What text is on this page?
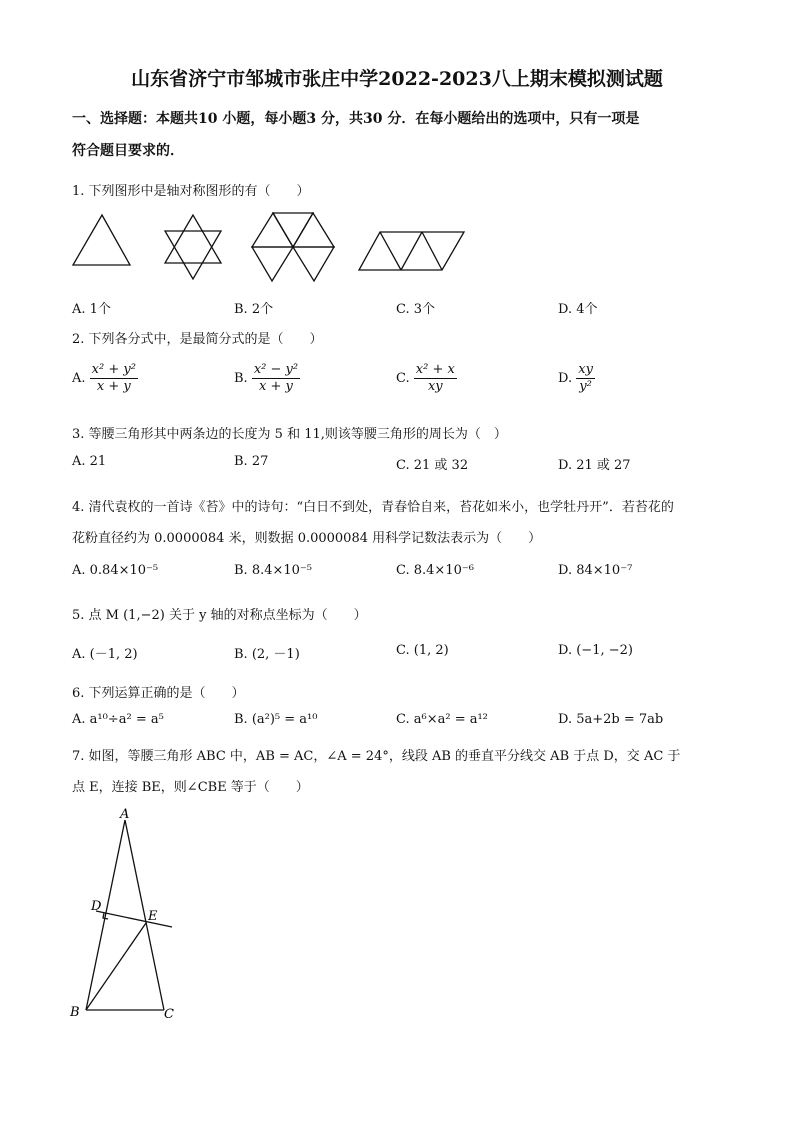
山东省济宁市邹城市张庄中学2022-2023八上期末模拟测试题
一、选择题：本题共10 小题，每小题3 分，共30 分．在每小题给出的选项中，只有一项是
符合题目要求的．
1. 下列图形中是轴对称图形的有（　　）
A. 1个	B. 2个	C. 3个	D. 4个
2. 下列各分式中，是最简分式的是（　　）
A. $\frac{\text{x² + y²}}{x + y}$	B. $\frac{\text{x² − y²}}{x + y}$	C. $\frac{\text{x² + x}}{xy}$	D. $\frac{xy}{\text{y²}}$
3. 等腰三角形其中两条边的长度为 5 和 11,则该等腰三角形的周长为（　）
A. 21	B. 27	C. 21 或 32	D. 21 或 27
4. 清代袁枚的一首诗《苔》中的诗句：“白日不到处，青春恰自来，苔花如米小，也学牡丹开”．若苔花的
花粉直径约为 0.0000084 米，则数据 0.0000084 用科学记数法表示为（　　）
A. 0.84×10⁻⁵	B. 8.4×10⁻⁵	C. 8.4×10⁻⁶	D. 84×10⁻⁷
5. 点 M (1,−2) 关于 y 轴的对称点坐标为（　　）
A. (－1, 2)	B. (2, －1)	C. (1, 2)	D. (−1, −2)
6. 下列运算正确的是（　　）
A. a¹⁰÷a² = a⁵	B. (a²)⁵ = a¹⁰	C. a⁶×a² = a¹²	D. 5a+2b = 7ab
7. 如图，等腰三角形 ABC 中，AB = AC，∠A = 24°，线段 AB 的垂直平分线交 AB 于点 D，交 AC 于
点 E，连接 BE，则∠CBE 等于（　　）
A
B	C
D
E
